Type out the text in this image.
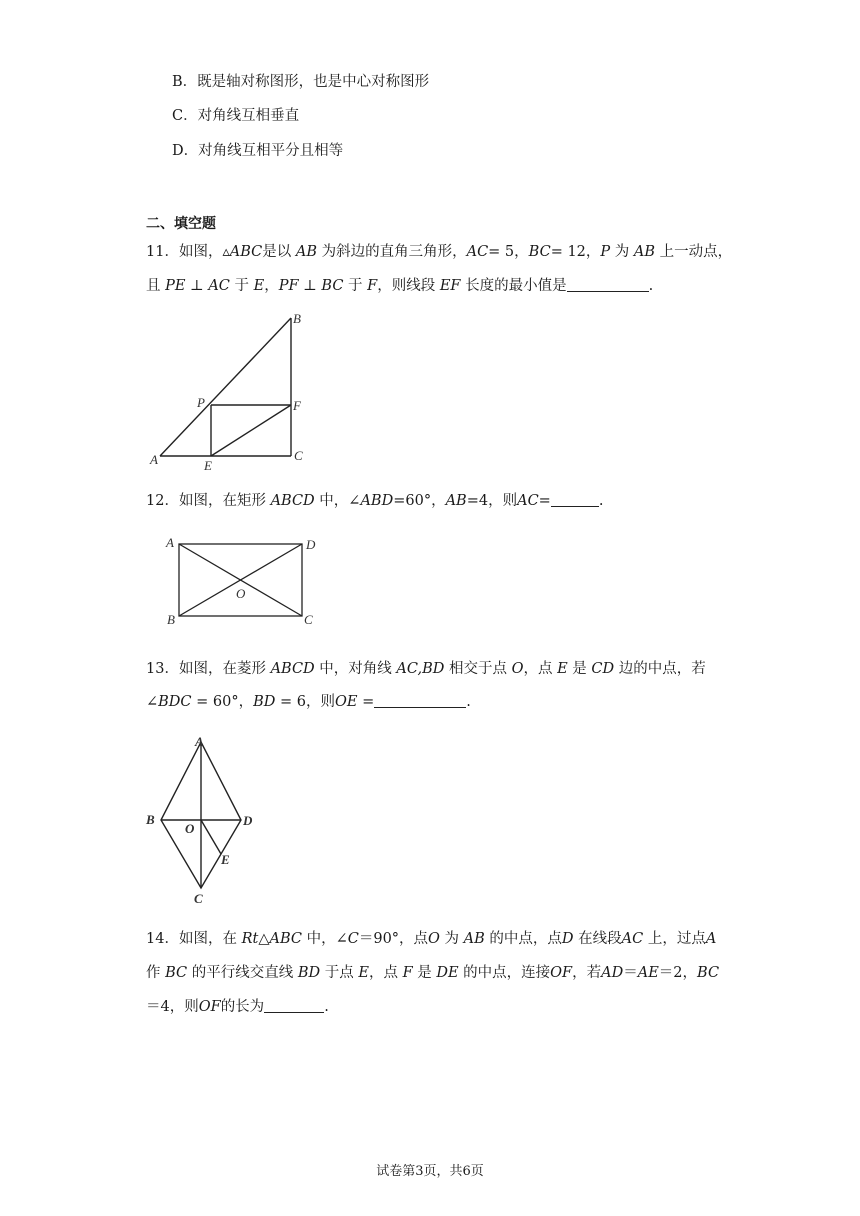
B．既是轴对称图形，也是中心对称图形
C．对角线互相垂直
D．对角线互相平分且相等
二、填空题
11．如图，▵ABC是以 AB 为斜边的直角三角形，AC= 5，BC= 12，P 为 AB 上一动点，
且 PE ⊥ AC 于 E，PF ⊥ BC 于 F，则线段 EF 长度的最小值是	.
A
B
C
P
E
F
12．如图，在矩形 ABCD 中，∠ABD=60°，AB=4，则AC=	.
A	D
B	C
O
13．如图，在菱形 ABCD 中，对角线 AC,BD 相交于点 O，点 E 是 CD 边的中点，若
∠BDC = 60°，BD = 6，则OE =	.
A
B	D
O
E
C
14．如图，在 Rt△ABC 中，∠C＝90°，点O 为 AB 的中点，点D 在线段AC 上，过点A
作 BC 的平行线交直线 BD 于点 E，点 F 是 DE 的中点，连接OF，若AD＝AE＝2，BC
＝4，则OF的长为	.
试卷第3页，共6页
